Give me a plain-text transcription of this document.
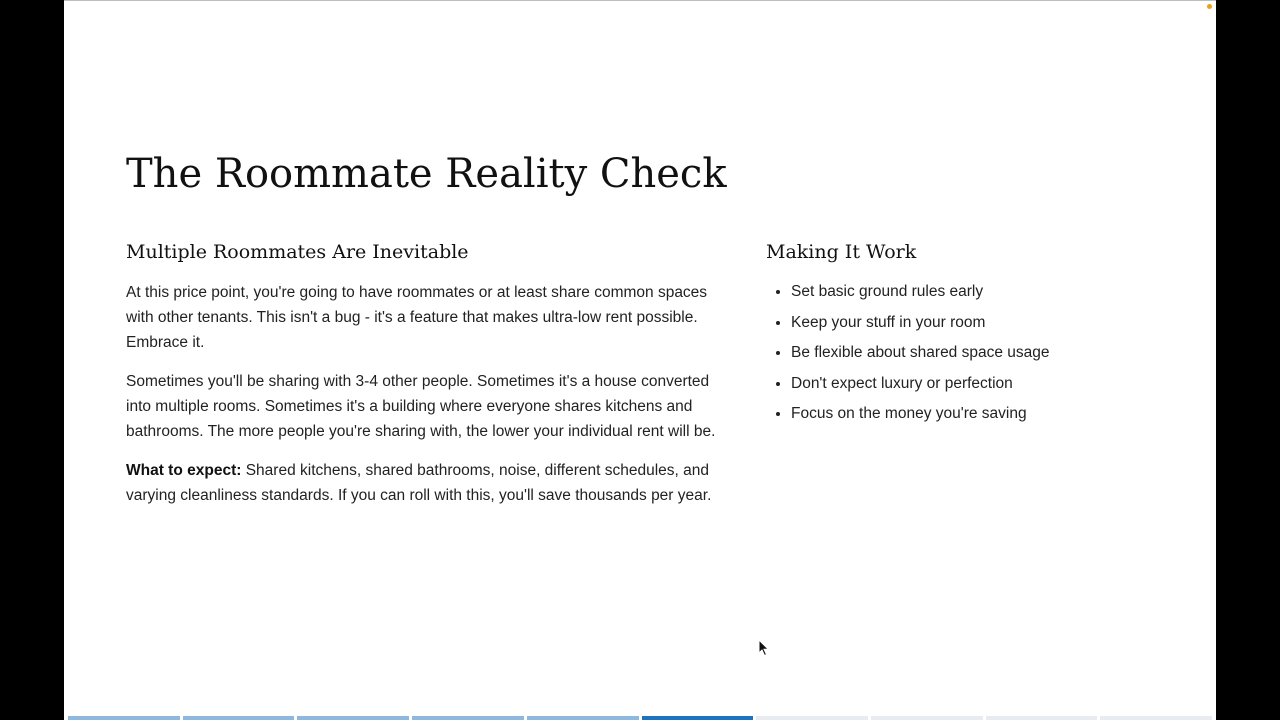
The Roommate Reality Check
Multiple Roommates Are Inevitable

At this price point, you're going to have roommates or at least share common spaces with other tenants. This isn't a bug - it's a feature that makes ultra-low rent possible. Embrace it.

Sometimes you'll be sharing with 3-4 other people. Sometimes it's a house converted into multiple rooms. Sometimes it's a building where everyone shares kitchens and bathrooms. The more people you're sharing with, the lower your individual rent will be.

What to expect: Shared kitchens, shared bathrooms, noise, different schedules, and varying cleanliness standards. If you can roll with this, you'll save thousands per year.

Making It Work
• Set basic ground rules early
• Keep your stuff in your room
• Be flexible about shared space usage
• Don't expect luxury or perfection
• Focus on the money you're saving
